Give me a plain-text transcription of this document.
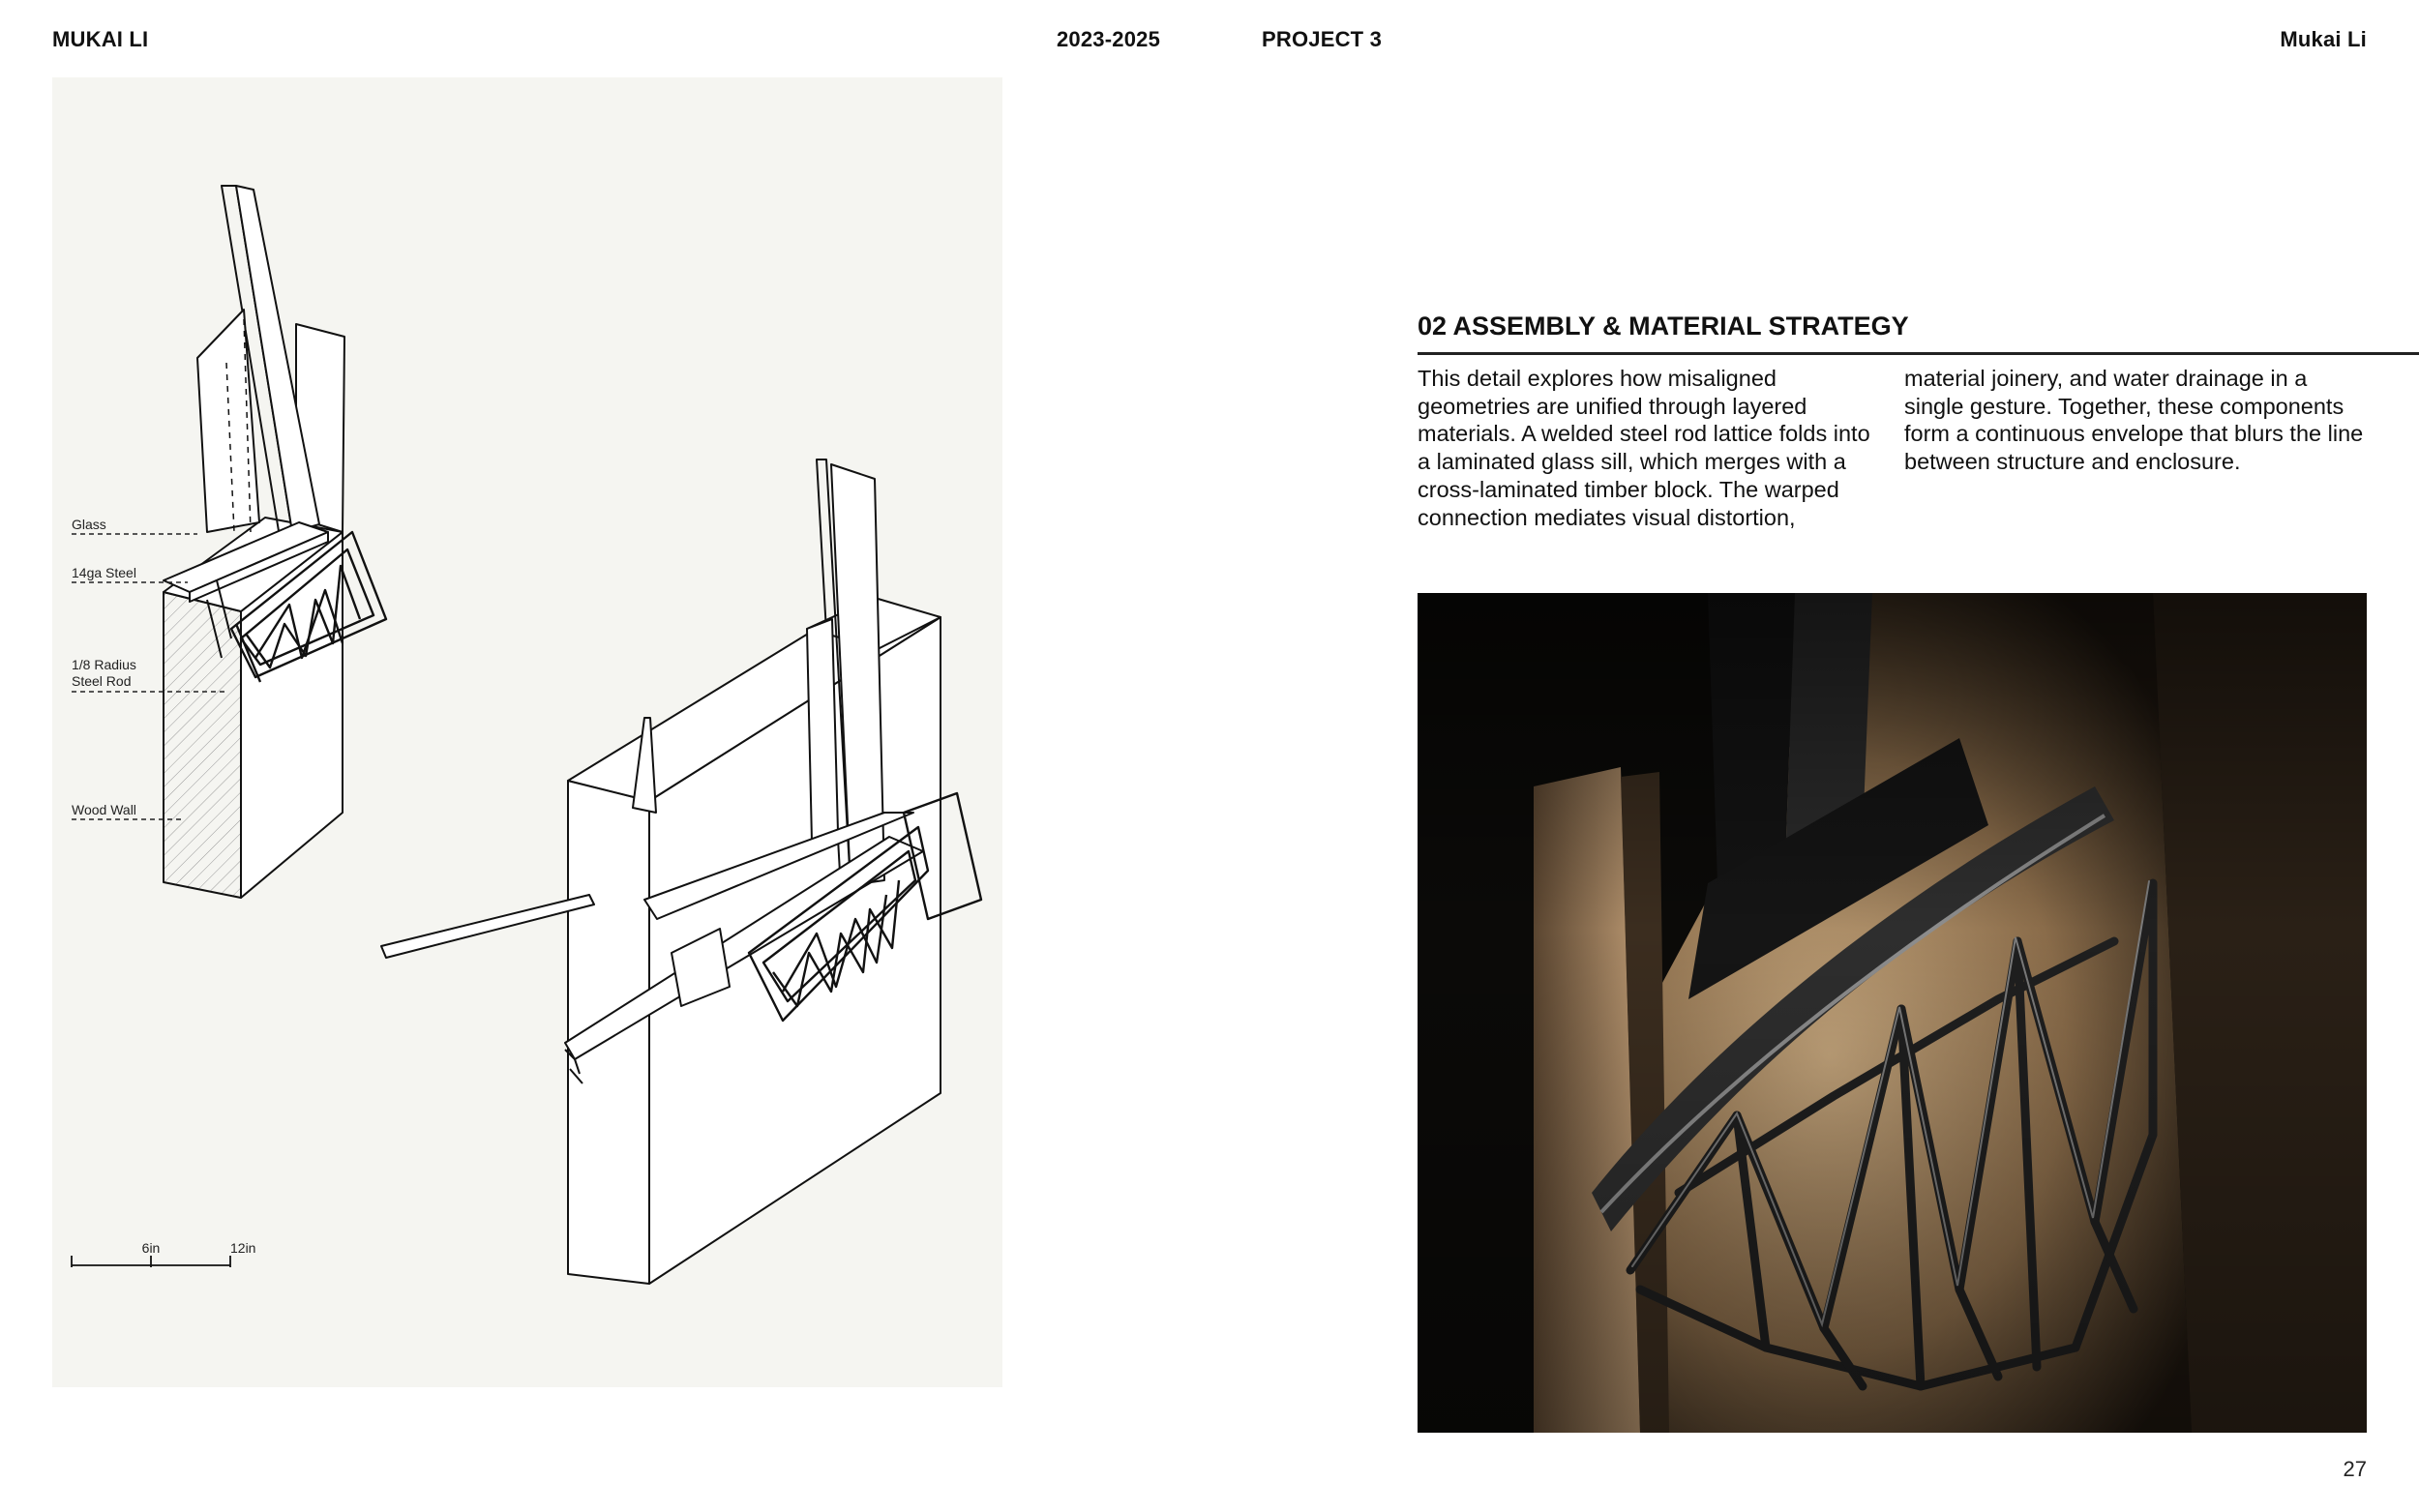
MUKAI LI	2023-2025	PROJECT 3	Mukai Li
Glass
14ga Steel
1/8 Radius
Steel Rod
Wood Wall
6in	12in
02 ASSEMBLY & MATERIAL STRATEGY
This detail explores how misaligned geometries are unified through layered materials. A welded steel rod lattice folds into a laminated glass sill, which merges with a cross-laminated timber block. The warped connection mediates visual distortion,
material joinery, and water drainage in a single gesture. Together, these components form a continuous envelope that blurs the line between structure and enclosure.
27
